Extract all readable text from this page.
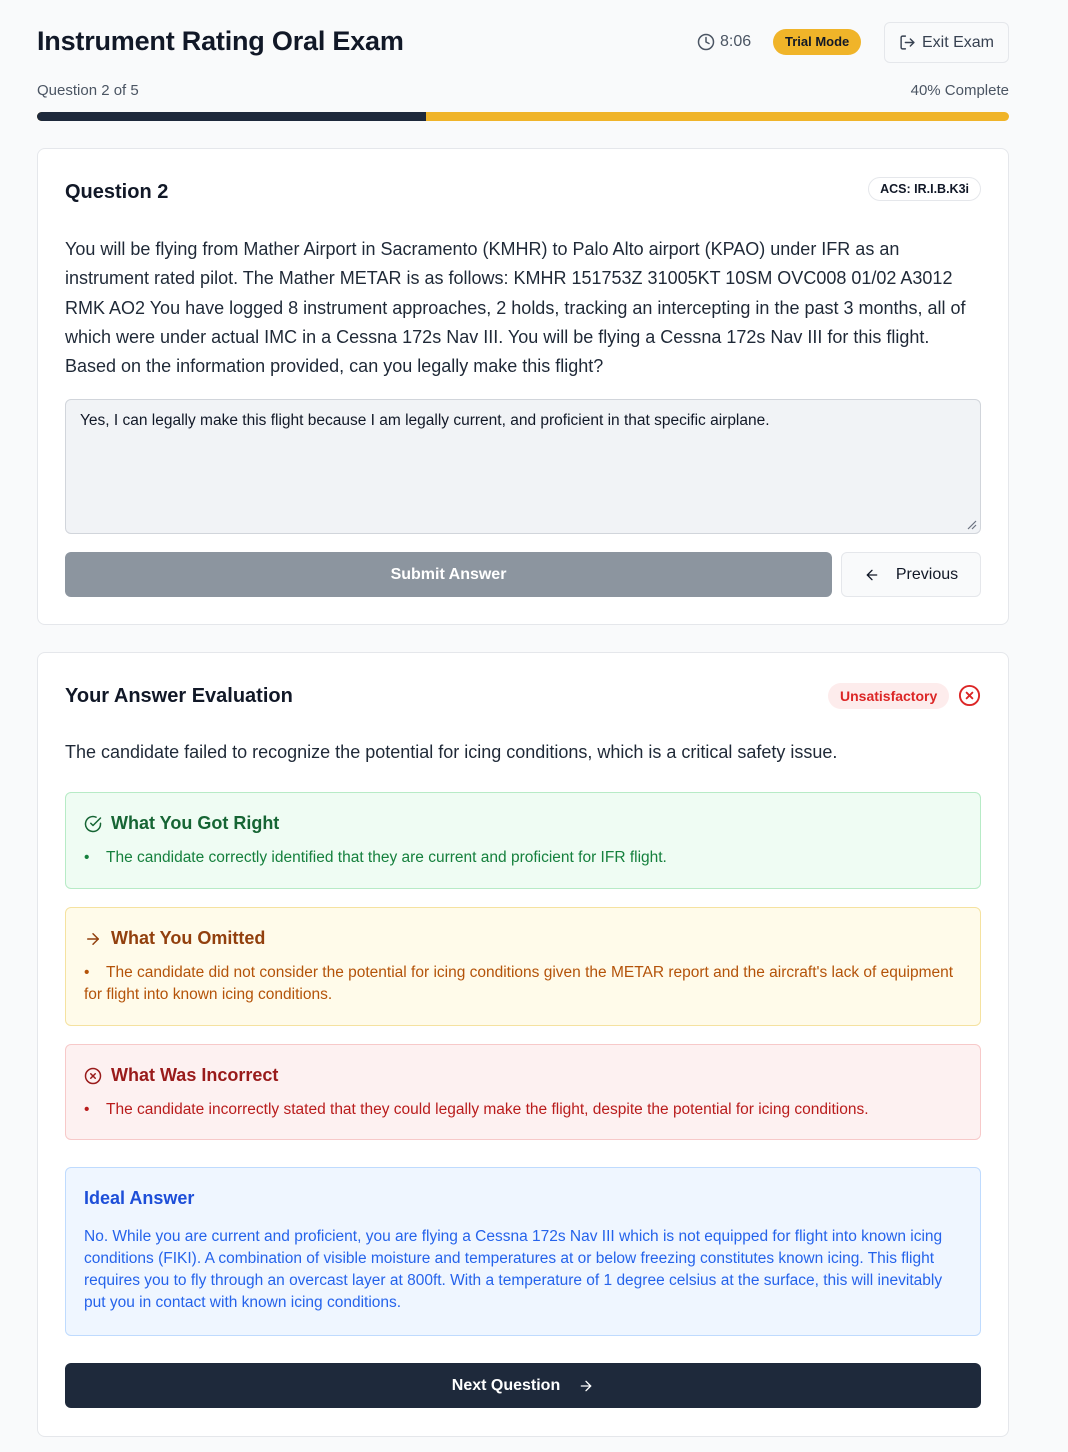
Instrument Rating Oral Exam	8:06	Trial Mode	Exit Exam
Question 2 of 5	40% Complete
Question 2	ACS: IR.I.B.K3i
You will be flying from Mather Airport in Sacramento (KMHR) to Palo Alto airport (KPAO) under IFR as an instrument rated pilot. The Mather METAR is as follows: KMHR 151753Z 31005KT 10SM OVC008 01/02 A3012 RMK AO2 You have logged 8 instrument approaches, 2 holds, tracking an intercepting in the past 3 months, all of which were under actual IMC in a Cessna 172s Nav III. You will be flying a Cessna 172s Nav III for this flight. Based on the information provided, can you legally make this flight?
Yes, I can legally make this flight because I am legally current, and proficient in that specific airplane.
Submit Answer	Previous
Your Answer Evaluation	Unsatisfactory
The candidate failed to recognize the potential for icing conditions, which is a critical safety issue.
What You Got Right
• The candidate correctly identified that they are current and proficient for IFR flight.
What You Omitted
• The candidate did not consider the potential for icing conditions given the METAR report and the aircraft's lack of equipment for flight into known icing conditions.
What Was Incorrect
• The candidate incorrectly stated that they could legally make the flight, despite the potential for icing conditions.
Ideal Answer
No. While you are current and proficient, you are flying a Cessna 172s Nav III which is not equipped for flight into known icing conditions (FIKI). A combination of visible moisture and temperatures at or below freezing constitutes known icing. This flight requires you to fly through an overcast layer at 800ft. With a temperature of 1 degree celsius at the surface, this will inevitably put you in contact with known icing conditions.
Next Question
